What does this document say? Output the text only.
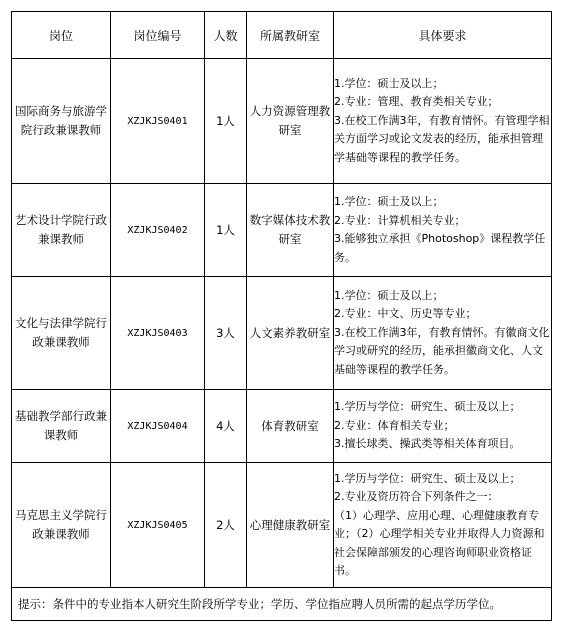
岗位	岗位编号	人数	所属教研室	具体要求
国际商务与旅游学院行政兼课教师	XZJKJS0401	1人	人力资源管理教研室	1.学位：硕士及以上；
2.专业：管理、教育类相关专业；
3.在校工作满3年，有教育情怀。有管理学相关方面学习或论文发表的经历，能承担管理学基础等课程的教学任务。

艺术设计学院行政兼课教师	XZJKJS0402	1人	数字媒体技术教研室	1.学位：硕士及以上；
2.专业：计算机相关专业；
3.能够独立承担《Photoshop》课程教学任务。

文化与法律学院行政兼课教师	XZJKJS0403	3人	人文素养教研室	1.学位：硕士及以上；
2.专业：中文、历史等专业；
3.在校工作满3年，有教育情怀。有徽商文化学习或研究的经历，能承担徽商文化、人文基础等课程的教学任务。

基础教学部行政兼课教师	XZJKJS0404	4人	体育教研室	1.学历与学位：研究生、硕士及以上；
2.专业：体育相关专业；
3.擅长球类、操武类等相关体育项目。

马克思主义学院行政兼课教师	XZJKJS0405	2人	心理健康教研室	1.学历与学位：研究生、硕士及以上；
2.专业及资历符合下列条件之一：
（1）心理学、应用心理、心理健康教育专业；（2）心理学相关专业并取得人力资源和社会保障部颁发的心理咨询师职业资格证书。

提示：条件中的专业指本人研究生阶段所学专业；学历、学位指应聘人员所需的起点学历学位。				
